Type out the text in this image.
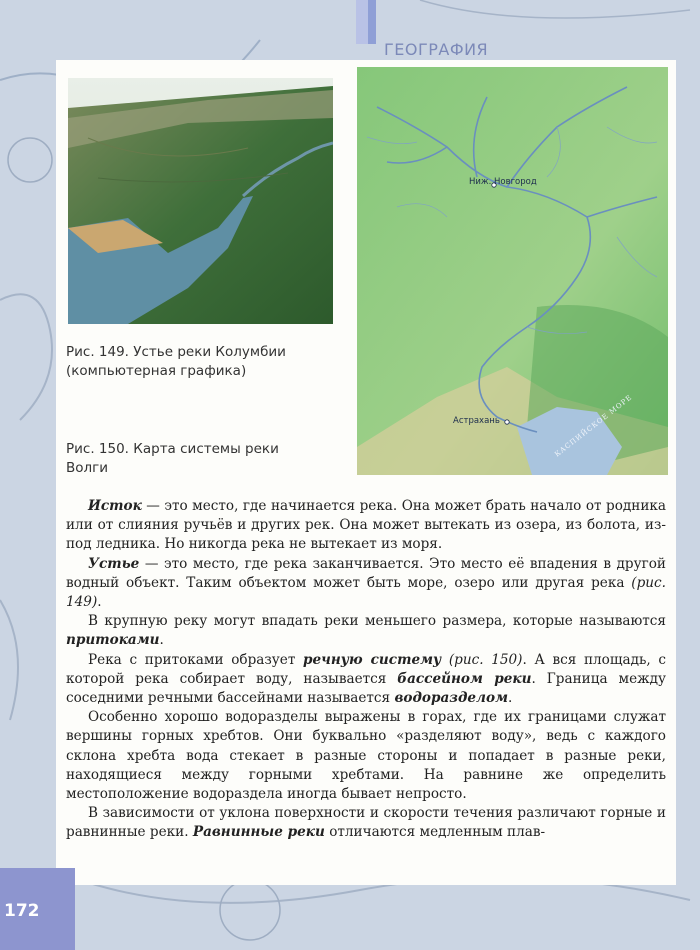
ГЕОГРАФИЯ
Ниж. Новгород
Астрахань	КАСПИЙСКОЕ МОРЕ
Рис. 149. Устье реки Колумбии
(компьютерная графика)
Рис. 150. Карта системы реки
Волги

Исток — это место, где начинается река. Она может брать начало от родника или от слияния ручьёв и других рек. Она может вытекать из озера, из болота, из-под ледника. Но никогда река не вытекает из моря.

Устье — это место, где река заканчивается. Это место её впадения в другой водный объект. Таким объектом может быть море, озеро или другая река (рис. 149).

В крупную реку могут впадать реки меньшего размера, которые называются притоками.

Река с притоками образует речную систему (рис. 150). А вся площадь, с которой река собирает воду, называется бассейном реки. Граница между соседними речными бассейнами называется водоразделом.

Особенно хорошо водоразделы выражены в горах, где их границами служат вершины горных хребтов. Они буквально «разделяют воду», ведь с каждого склона хребта вода стекает в разные стороны и попадает в разные реки, находящиеся между горными хребтами. На равнине же определить местоположение водораздела иногда бывает непросто.

В зависимости от уклона поверхности и скорости течения различают горные и равнинные реки. Равнинные реки отличаются медленным плав-

172
